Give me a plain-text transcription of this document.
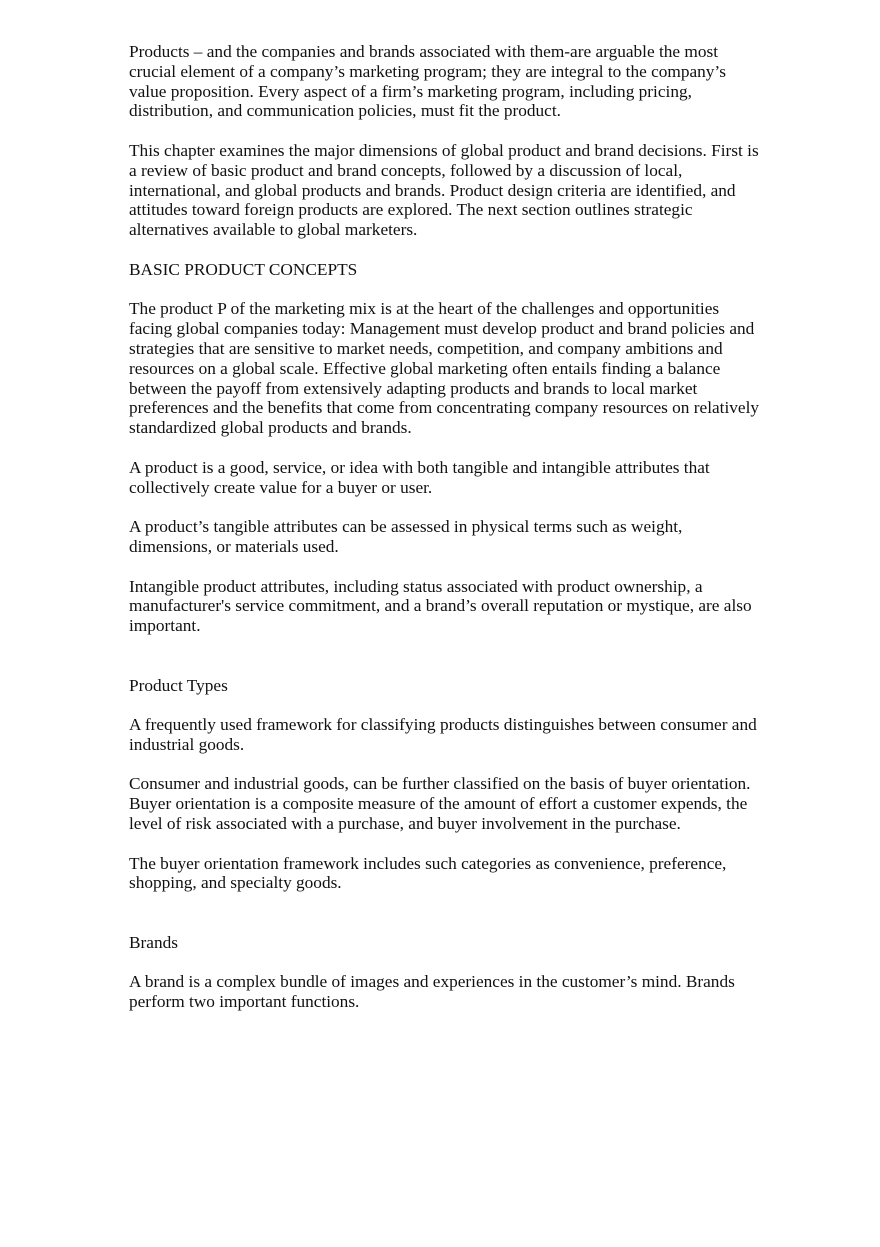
Products – and the companies and brands associated with them-are arguable the most crucial element of a company’s marketing program; they are integral to the company’s value proposition. Every aspect of a firm’s marketing program, including pricing, distribution, and communication policies, must fit the product.

This chapter examines the major dimensions of global product and brand decisions. First is a review of basic product and brand concepts, followed by a discussion of local, international, and global products and brands. Product design criteria are identified, and attitudes toward foreign products are explored. The next section outlines strategic alternatives available to global marketers.

BASIC PRODUCT CONCEPTS

The product P of the marketing mix is at the heart of the challenges and opportunities facing global companies today: Management must develop product and brand policies and strategies that are sensitive to market needs, competition, and company ambitions and resources on a global scale. Effective global marketing often entails finding a balance between the payoff from extensively adapting products and brands to local market preferences and the benefits that come from concentrating company resources on relatively standardized global products and brands.

A product is a good, service, or idea with both tangible and intangible attributes that collectively create value for a buyer or user.

A product’s tangible attributes can be assessed in physical terms such as weight, dimensions, or materials used.

Intangible product attributes, including status associated with product ownership, a manufacturer's service commitment, and a brand’s overall reputation or mystique, are also important.

Product Types

A frequently used framework for classifying products distinguishes between consumer and industrial goods.

Consumer and industrial goods, can be further classified on the basis of buyer orientation. Buyer orientation is a composite measure of the amount of effort a customer expends, the level of risk associated with a purchase, and buyer involvement in the purchase.

The buyer orientation framework includes such categories as convenience, preference, shopping, and specialty goods.

Brands

A brand is a complex bundle of images and experiences in the customer’s mind. Brands perform two important functions.
